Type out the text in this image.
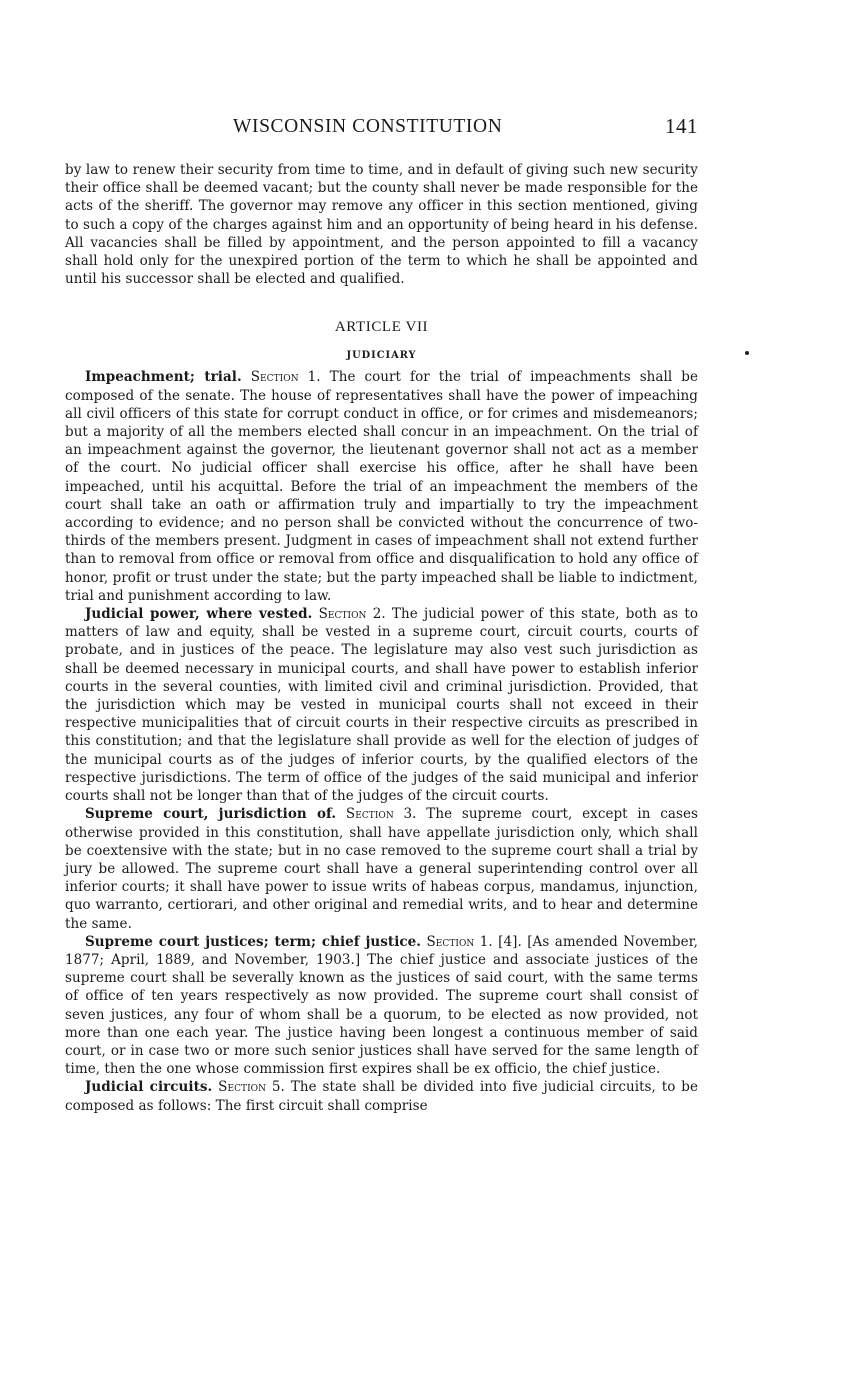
WISCONSIN CONSTITUTION	141

by law to renew their security from time to time, and in default of giving such new security their office shall be deemed vacant; but the county shall never be made responsible for the acts of the sheriff. The governor may remove any officer in this section mentioned, giving to such a copy of the charges against him and an opportunity of being heard in his defense. All vacancies shall be filled by appointment, and the person appointed to fill a vacancy shall hold only for the unexpired portion of the term to which he shall be appointed and until his successor shall be elected and qualified.

ARTICLE VII
JUDICIARY

Impeachment; trial. Section 1. The court for the trial of impeachments shall be composed of the senate. The house of representatives shall have the power of impeaching all civil officers of this state for corrupt conduct in office, or for crimes and misdemeanors; but a majority of all the members elected shall concur in an impeachment. On the trial of an impeachment against the governor, the lieutenant governor shall not act as a member of the court. No judicial officer shall exercise his office, after he shall have been impeached, until his acquittal. Before the trial of an impeachment the members of the court shall take an oath or affirmation truly and impartially to try the impeachment according to evidence; and no person shall be convicted without the concurrence of two-thirds of the members present. Judgment in cases of impeachment shall not extend further than to removal from office or removal from office and disqualification to hold any office of honor, profit or trust under the state; but the party impeached shall be liable to indictment, trial and punishment according to law.

Judicial power, where vested. Section 2. The judicial power of this state, both as to matters of law and equity, shall be vested in a supreme court, circuit courts, courts of probate, and in justices of the peace. The legislature may also vest such jurisdiction as shall be deemed necessary in municipal courts, and shall have power to establish inferior courts in the several counties, with limited civil and criminal jurisdiction. Provided, that the jurisdiction which may be vested in municipal courts shall not exceed in their respective municipalities that of circuit courts in their respective circuits as prescribed in this constitution; and that the legislature shall provide as well for the election of judges of the municipal courts as of the judges of inferior courts, by the qualified electors of the respective jurisdictions. The term of office of the judges of the said municipal and inferior courts shall not be longer than that of the judges of the circuit courts.

Supreme court, jurisdiction of. Section 3. The supreme court, except in cases otherwise provided in this constitution, shall have appellate jurisdiction only, which shall be coextensive with the state; but in no case removed to the supreme court shall a trial by jury be allowed. The supreme court shall have a general superintending control over all inferior courts; it shall have power to issue writs of habeas corpus, mandamus, injunction, quo warranto, certiorari, and other original and remedial writs, and to hear and determine the same.

Supreme court justices; term; chief justice. Section 1. [4]. [As amended November, 1877; April, 1889, and November, 1903.] The chief justice and associate justices of the supreme court shall be severally known as the justices of said court, with the same terms of office of ten years respectively as now provided. The supreme court shall consist of seven justices, any four of whom shall be a quorum, to be elected as now provided, not more than one each year. The justice having been longest a continuous member of said court, or in case two or more such senior justices shall have served for the same length of time, then the one whose commission first expires shall be ex officio, the chief justice.

Judicial circuits. Section 5. The state shall be divided into five judicial circuits, to be composed as follows: The first circuit shall comprise
